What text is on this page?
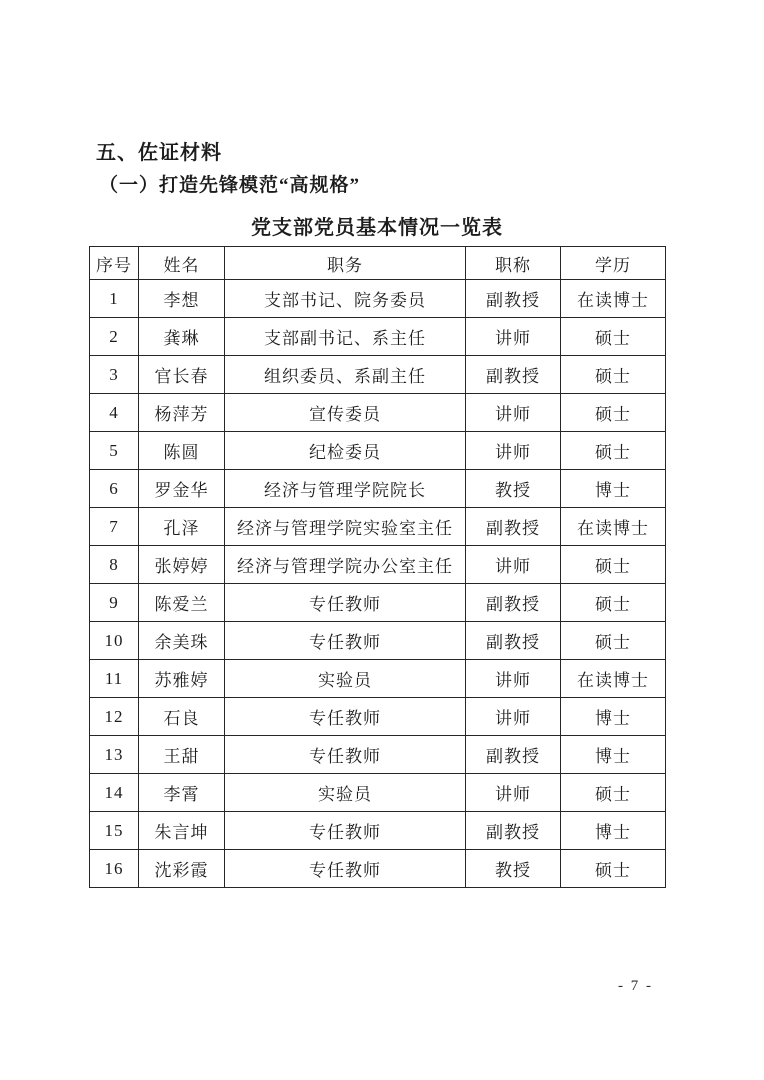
五、佐证材料
（一）打造先锋模范“高规格”
党支部党员基本情况一览表
序号	姓名	职务	职称	学历
1	李想	支部书记、院务委员	副教授	在读博士
2	龚琳	支部副书记、系主任	讲师	硕士
3	官长春	组织委员、系副主任	副教授	硕士
4	杨萍芳	宣传委员	讲师	硕士
5	陈圆	纪检委员	讲师	硕士
6	罗金华	经济与管理学院院长	教授	博士
7	孔泽	经济与管理学院实验室主任	副教授	在读博士
8	张婷婷	经济与管理学院办公室主任	讲师	硕士
9	陈爱兰	专任教师	副教授	硕士
10	余美珠	专任教师	副教授	硕士
11	苏雅婷	实验员	讲师	在读博士
12	石良	专任教师	讲师	博士
13	王甜	专任教师	副教授	博士
14	李霄	实验员	讲师	硕士
15	朱言坤	专任教师	副教授	博士
16	沈彩霞	专任教师	教授	硕士
- 7 -
